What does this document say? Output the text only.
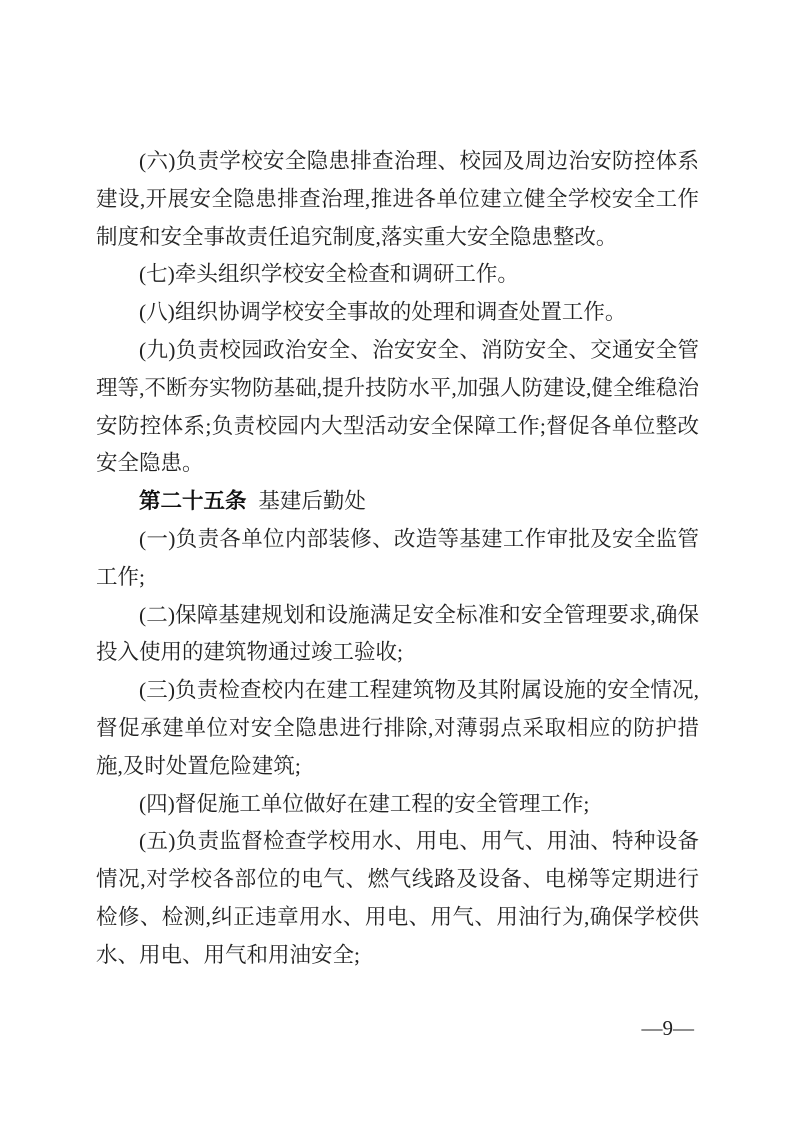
(六)负责学校安全隐患排查治理、校园及周边治安防控体系建设,开展安全隐患排查治理,推进各单位建立健全学校安全工作制度和安全事故责任追究制度,落实重大安全隐患整改。

(七)牵头组织学校安全检查和调研工作。

(八)组织协调学校安全事故的处理和调查处置工作。

(九)负责校园政治安全、治安安全、消防安全、交通安全管理等,不断夯实物防基础,提升技防水平,加强人防建设,健全维稳治安防控体系;负责校园内大型活动安全保障工作;督促各单位整改安全隐患。

第二十五条 基建后勤处

(一)负责各单位内部装修、改造等基建工作审批及安全监管工作;

(二)保障基建规划和设施满足安全标准和安全管理要求,确保投入使用的建筑物通过竣工验收;

(三)负责检查校内在建工程建筑物及其附属设施的安全情况,督促承建单位对安全隐患进行排除,对薄弱点采取相应的防护措施,及时处置危险建筑;

(四)督促施工单位做好在建工程的安全管理工作;

(五)负责监督检查学校用水、用电、用气、用油、特种设备情况,对学校各部位的电气、燃气线路及设备、电梯等定期进行检修、检测,纠正违章用水、用电、用气、用油行为,确保学校供水、用电、用气和用油安全;

—9—
